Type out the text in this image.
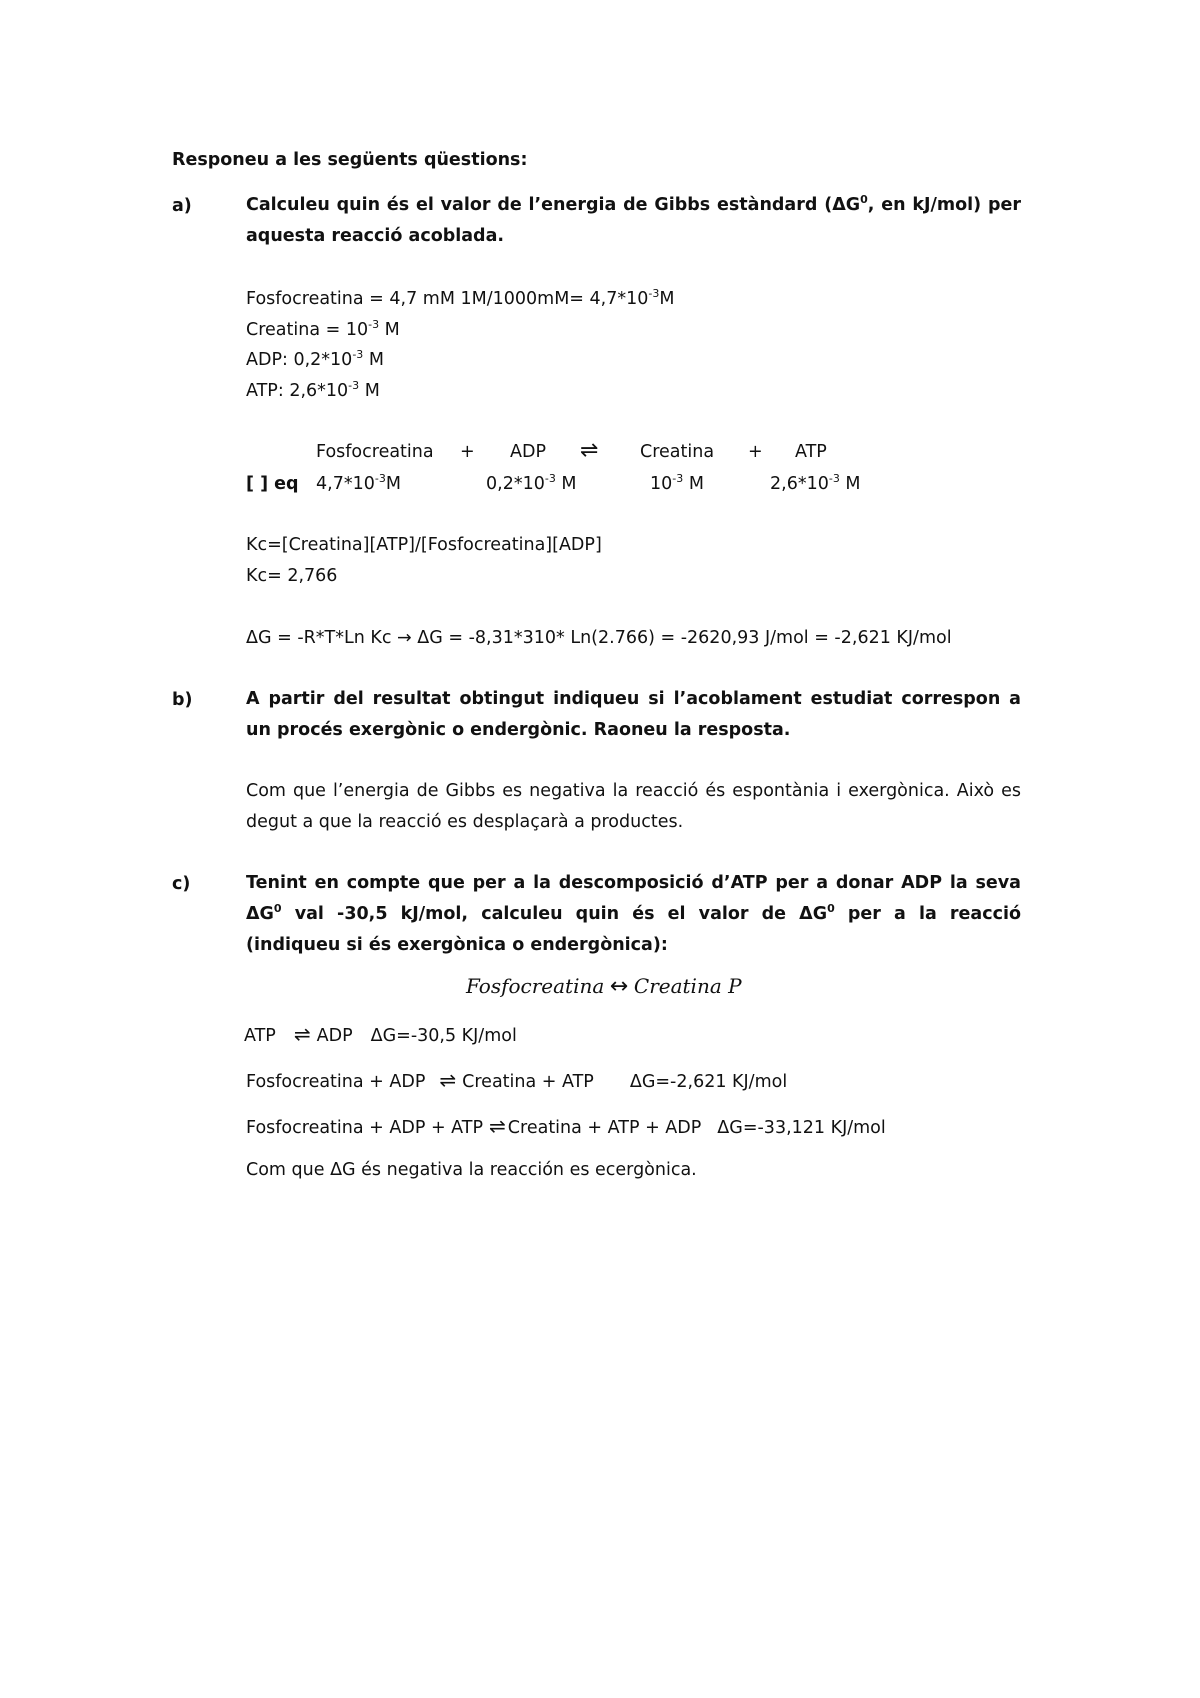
Responeu a les següents qüestions:
a)	Calculeu quin és el valor de l’energia de Gibbs estàndard ($\Delta G^0$, en kJ/mol) per aquesta reacció acoblada.
Fosfocreatina = 4,7 mM $1M/1000mM= 4,7*10^{-3}M$
Creatina = $10^{-3}$ M
ADP: $0,2*10^{-3}$ M
ATP: $2,6*10^{-3}$ M
Fosfocreatina + ADP ⇌ Creatina + ATP
[ ] eq $4,7*10^{-3}M$	$0,2*10^{-3}$ M	$10^{-3}$ M	$2,6*10^{-3}$ M
Kc=[Creatina][ATP]/[Fosfocreatina][ADP]
Kc= 2,766
ΔG = -R*T*Ln Kc → ΔG = -8,31*310* Ln(2.766) = -2620,93 J/mol = -2,621 KJ/mol
b)	A partir del resultat obtingut indiqueu si l’acoblament estudiat correspon a un procés exergònic o endergònic. Raoneu la resposta.
Com que l’energia de Gibbs es negativa la reacció és espontània i exergònica. Això es degut a que la reacció es desplaçarà a productes.
c)	Tenint en compte que per a la descomposició d’ATP per a donar ADP la seva $\Delta G^0$ val -30,5 kJ/mol, calculeu quin és el valor de $\Delta G^0$ per a la reacció (indiqueu si és exergònica o endergònica):
Fosfocreatina ↔ Creatina P
ATP ⇌ ADP ΔG=-30,5 KJ/mol
Fosfocreatina + ADP ⇌ Creatina + ATP ΔG=-2,621 KJ/mol
Fosfocreatina + ADP + ATP ⇌ Creatina + ATP + ADP ΔG=-33,121 KJ/mol
Com que ΔG és negativa la reacción es ecergònica.
